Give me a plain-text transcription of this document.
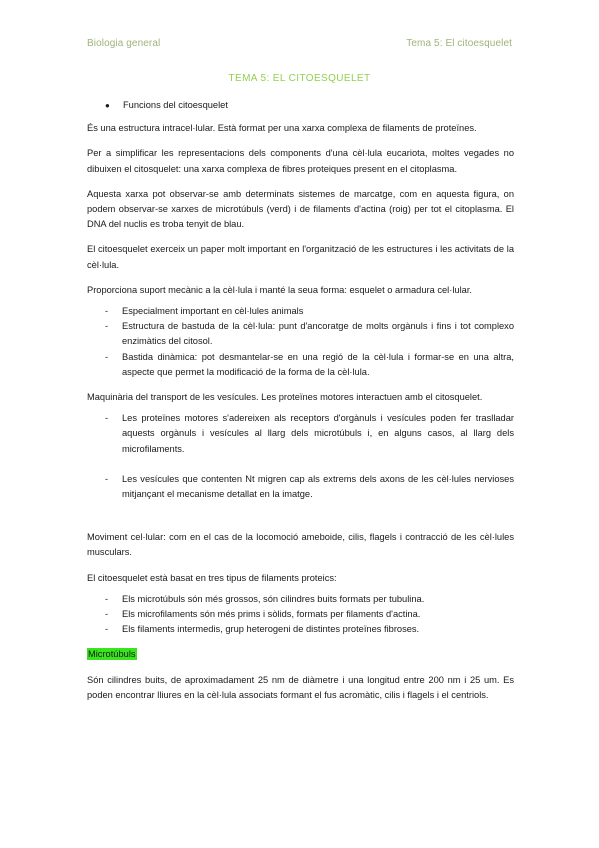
Biologia general	Tema 5: El citoesquelet
TEMA 5: EL CITOESQUELET
●	Funcions del citoesquelet

És una estructura intracel·lular. Està format per una xarxa complexa de filaments de proteïnes.

Per a simplificar les representacions dels components d'una cèl·lula eucariota, moltes vegades no dibuixen el citosquelet: una xarxa complexa de fibres proteiques present en el citoplasma.

Aquesta xarxa pot observar-se amb determinats sistemes de marcatge, com en aquesta figura, on podem observar-se xarxes de microtúbuls (verd) i de filaments d'actina (roig) per tot el citoplasma. El DNA del nuclis es troba tenyit de blau.

El citoesquelet exerceix un paper molt important en l'organització de les estructures i les activitats de la cèl·lula.

Proporciona suport mecànic a la cèl·lula i manté la seua forma: esquelet o armadura cel·lular.

-	Especialment important en cèl·lules animals
-	Estructura de bastuda de la cèl·lula: punt d'ancoratge de molts orgànuls i fins i tot complexo enzimàtics del citosol.
-	Bastida dinàmica: pot desmantelar-se en una regió de la cèl·lula i formar-se en una altra, aspecte que permet la modificació de la forma de la cèl·lula.

Maquinària del transport de les vesícules. Les proteïnes motores interactuen amb el citosquelet.

-	Les proteïnes motores s'adereixen als receptors d'orgànuls i vesícules poden fer traslladar aquests orgànuls i vesícules al llarg dels microtúbuls i, en alguns casos, al llarg dels microfilaments.
-	Les vesícules que contenten Nt migren cap als extrems dels axons de les cèl·lules nervioses mitjançant el mecanisme detallat en la imatge.

Moviment cel·lular: com en el cas de la locomoció ameboide, cilis, flagels i contracció de les cèl·lules musculars.

El citoesquelet està basat en tres tipus de filaments proteics:

-	Els microtúbuls són més grossos, són cilindres buits formats per tubulina.
-	Els microfilaments són més prims i sòlids, formats per filaments d'actina.
-	Els filaments intermedis, grup heterogeni de distintes proteïnes fibroses.

Microtúbuls

Són cilindres buits, de aproximadament 25 nm de diàmetre i una longitud entre 200 nm i 25 um. Es poden encontrar lliures en la cèl·lula associats formant el fus acromàtic, cilis i flagels i el centriols.
